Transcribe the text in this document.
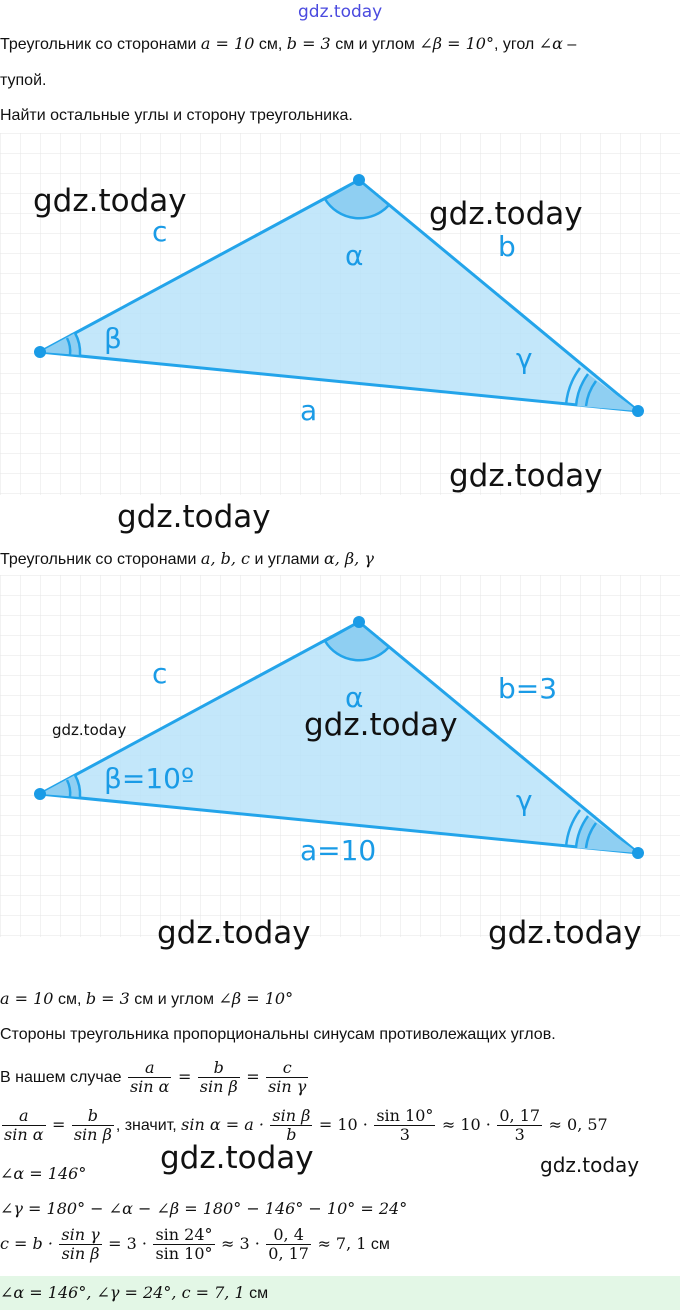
gdz.today
Треугольник со сторонами a = 10 см, b = 3 см и углом ∠β = 10°, угол ∠α –
тупой.
Найти остальные углы и сторону треугольника.
c	b
a
α
β
γ
gdz.today	gdz.today
gdz.today
gdz.today
Треугольник со сторонами a, b, c и углами α, β, γ
c	b=3
a=10
α
β=10º
γ
gdz.today	gdz.today
gdz.today	gdz.today
a = 10 см, b = 3 см и углом ∠β = 10°
Стороны треугольника пропорциональны синусам противолежащих углов.
В нашем случае $\frac{a}{\text{sin α}} = \frac{b}{\text{sin β}} = \frac{c}{\text{sin γ}}$
$\frac{a}{\text{sin α}} = \frac{b}{\text{sin β}}$ , значит, $\sin \alpha = a \cdot \frac{\text{sin β}}{b} = 10 \cdot \frac{\sin 10^\circ}{3} \approx 10 \cdot \frac{0, 17}{3} \approx 0$, 57
∠α = 146° gdz.today	gdz.today
∠γ = 180° − ∠α − ∠β = 180° − 146° − 10° = 24°
$c = b \cdot \frac{\text{sin γ}}{\text{sin β}} = 3 \cdot \frac{\sin 24^\circ}{\sin 10^\circ} \approx 3 \cdot \frac{0, 4}{0, 17} \approx 7$, 1 см
∠α = 146°, ∠γ = 24°, c = 7, 1 см
